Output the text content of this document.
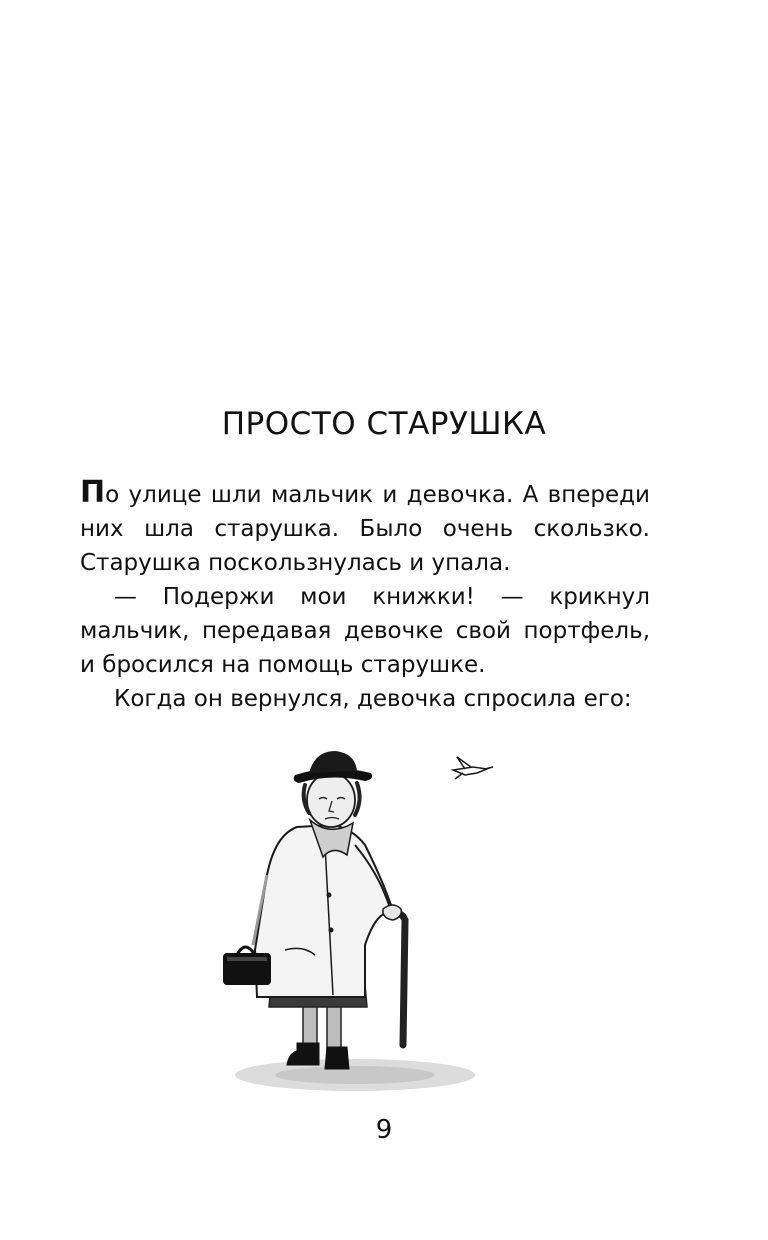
ПРОСТО СТАРУШКА

По улице шли мальчик и девочка. А впереди них шла старушка. Было очень скользко. Старушка поскользнулась и упала.

— Подержи мои книжки! — крикнул мальчик, передавая девочке свой портфель, и бросился на помощь старушке.

Когда он вернулся, девочка спросила его:

9
